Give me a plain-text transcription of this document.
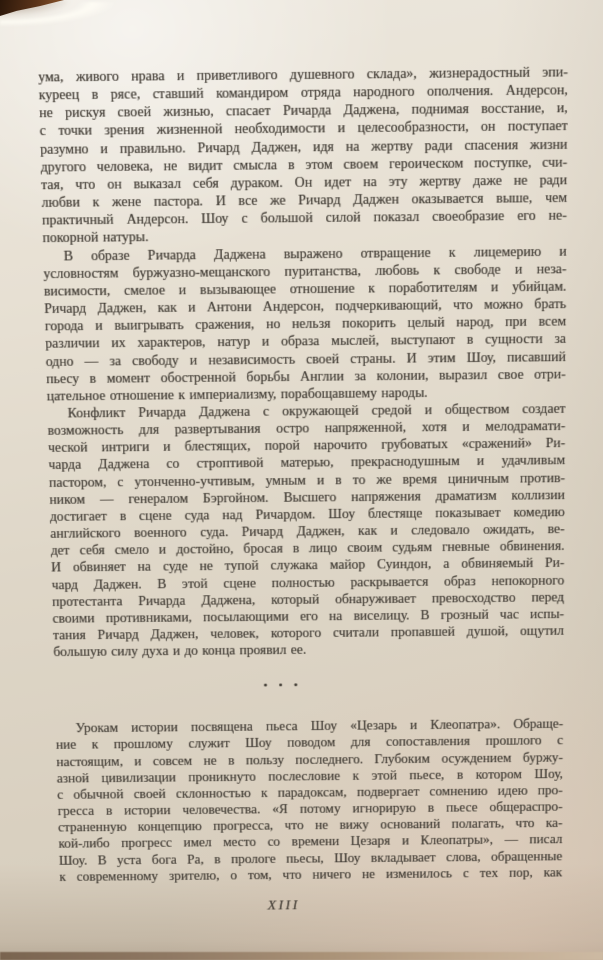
ума, живого нрава и приветливого душевного склада», жизнерадостный эпи-
куреец в рясе, ставший командиром отряда народного ополчения. Андерсон,
не рискуя своей жизнью, спасает Ричарда Даджена, поднимая восстание, и,
с точки зрения жизненной необходимости и целесообразности, он поступает
разумно и правильно. Ричард Даджен, идя на жертву ради спасения жизни
другого человека, не видит смысла в этом своем героическом поступке, счи-
тая, что он выказал себя дураком. Он идет на эту жертву даже не ради
любви к жене пастора. И все же Ричард Даджен оказывается выше, чем
практичный Андерсон. Шоу с большой силой показал своеобразие его не-
покорной натуры.
В образе Ричарда Даджена выражено отвращение к лицемерию и
условностям буржуазно-мещанского пуританства, любовь к свободе и неза-
висимости, смелое и вызывающее отношение к поработителям и убийцам.
Ричард Даджен, как и Антони Андерсон, подчеркивающий, что можно брать
города и выигрывать сражения, но нельзя покорить целый народ, при всем
различии их характеров, натур и образа мыслей, выступают в сущности за
одно — за свободу и независимость своей страны. И этим Шоу, писавший
пьесу в момент обостренной борьбы Англии за колонии, выразил свое отри-
цательное отношение к империализму, порабощавшему народы.
Конфликт Ричарда Даджена с окружающей средой и обществом создает
возможность для развертывания остро напряженной, хотя и мелодрамати-
ческой интриги и блестящих, порой нарочито грубоватых «сражений» Ри-
чарда Даджена со строптивой матерью, прекраснодушным и удачливым
пастором, с утонченно-учтивым, умным и в то же время циничным против-
ником — генералом Бэргойном. Высшего напряжения драматизм коллизии
достигает в сцене суда над Ричардом. Шоу блестяще показывает комедию
английского военного суда. Ричард Даджен, как и следовало ожидать, ве-
дет себя смело и достойно, бросая в лицо своим судьям гневные обвинения.
И обвиняет на суде не тупой служака майор Суиндон, а обвиняемый Ри-
чард Даджен. В этой сцене полностью раскрывается образ непокорного
протестанта Ричарда Даджена, который обнаруживает превосходство перед
своими противниками, посылающими его на виселицу. В грозный час испы-
тания Ричард Даджен, человек, которого считали пропавшей душой, ощутил
большую силу духа и до конца проявил ее.
• • •
Урокам истории посвящена пьеса Шоу «Цезарь и Клеопатра». Обраще-
ние к прошлому служит Шоу поводом для сопоставления прошлого с
настоящим, и совсем не в пользу последнего. Глубоким осуждением буржу-
азной цивилизации проникнуто послесловие к этой пьесе, в котором Шоу,
с обычной своей склонностью к парадоксам, подвергает сомнению идею про-
гресса в истории человечества. «Я потому игнорирую в пьесе общераспро-
страненную концепцию прогресса, что не вижу оснований полагать, что ка-
кой-либо прогресс имел место со времени Цезаря и Клеопатры», — писал
Шоу. В уста бога Ра, в прологе пьесы, Шоу вкладывает слова, обращенные
к современному зрителю, о том, что ничего не изменилось с тех пор, как
XIII
